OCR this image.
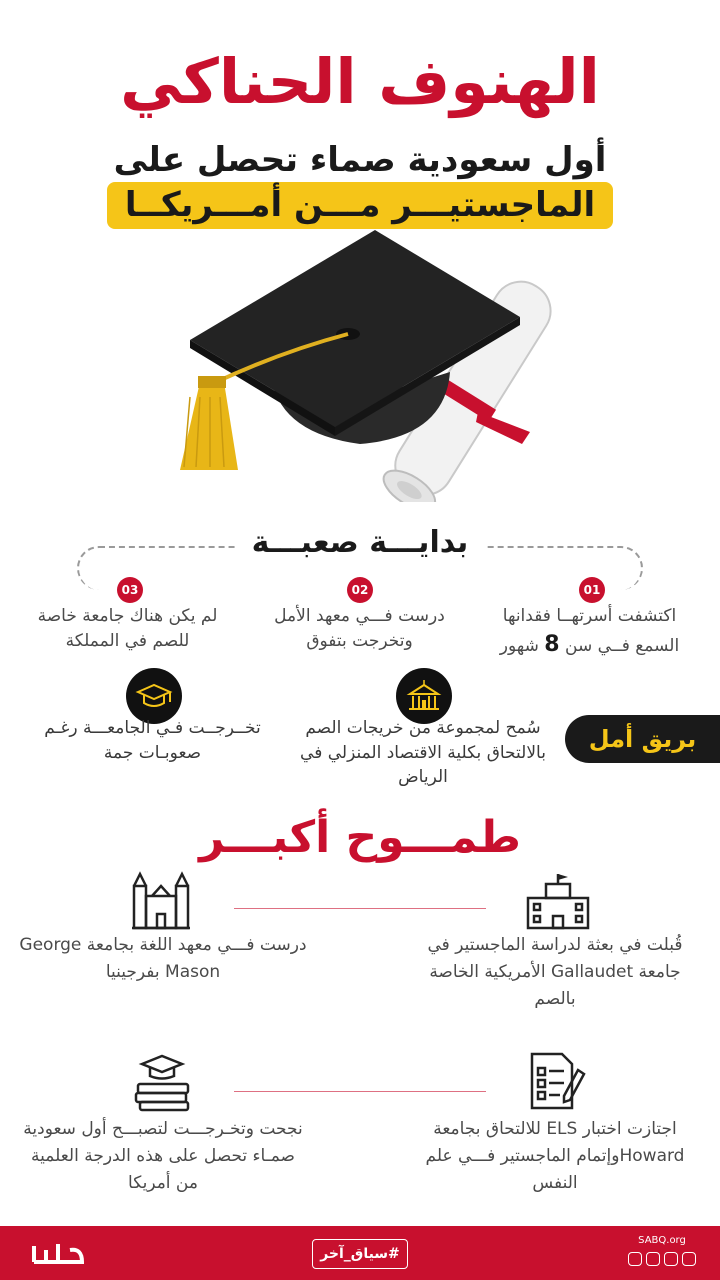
الهنوف الحناكي
أول سعودية صماء تحصل على
الماجستيـــر مـــن أمـــريكــا
بدايـــة صعبـــة
01
02
03
اكتشفت أسرتهــا فقدانها السمع فــي سن 8 شهور
درست فـــي معهد الأمل وتخرجت بتفوق
لم يكن هناك جامعة خاصة للصم في المملكة
بريق أمل
سُمح لمجموعة من خريجات الصم بالالتحاق بكلية الاقتصاد المنزلي في الرياض
تخــرجــت فـي الجامعـــة رغـم صعوبـات جمة
طمـــوح أكبـــر
قُبلت في بعثة لدراسة الماجستير في جامعة Gallaudet الأمريكية الخاصة بالصم
درست فـــي معهد اللغة بجامعة George Mason بفرجينيا
اجتازت اختبار ELS للالتحاق بجامعة Howardوإتمام الماجستير فـــي علم النفس
نجحت وتخـرجـــت لتصبـــح أول سعودية صمـاء تحصل على هذه الدرجة العلمية من أمريكا
#سياق_آخر
SABQ.org
